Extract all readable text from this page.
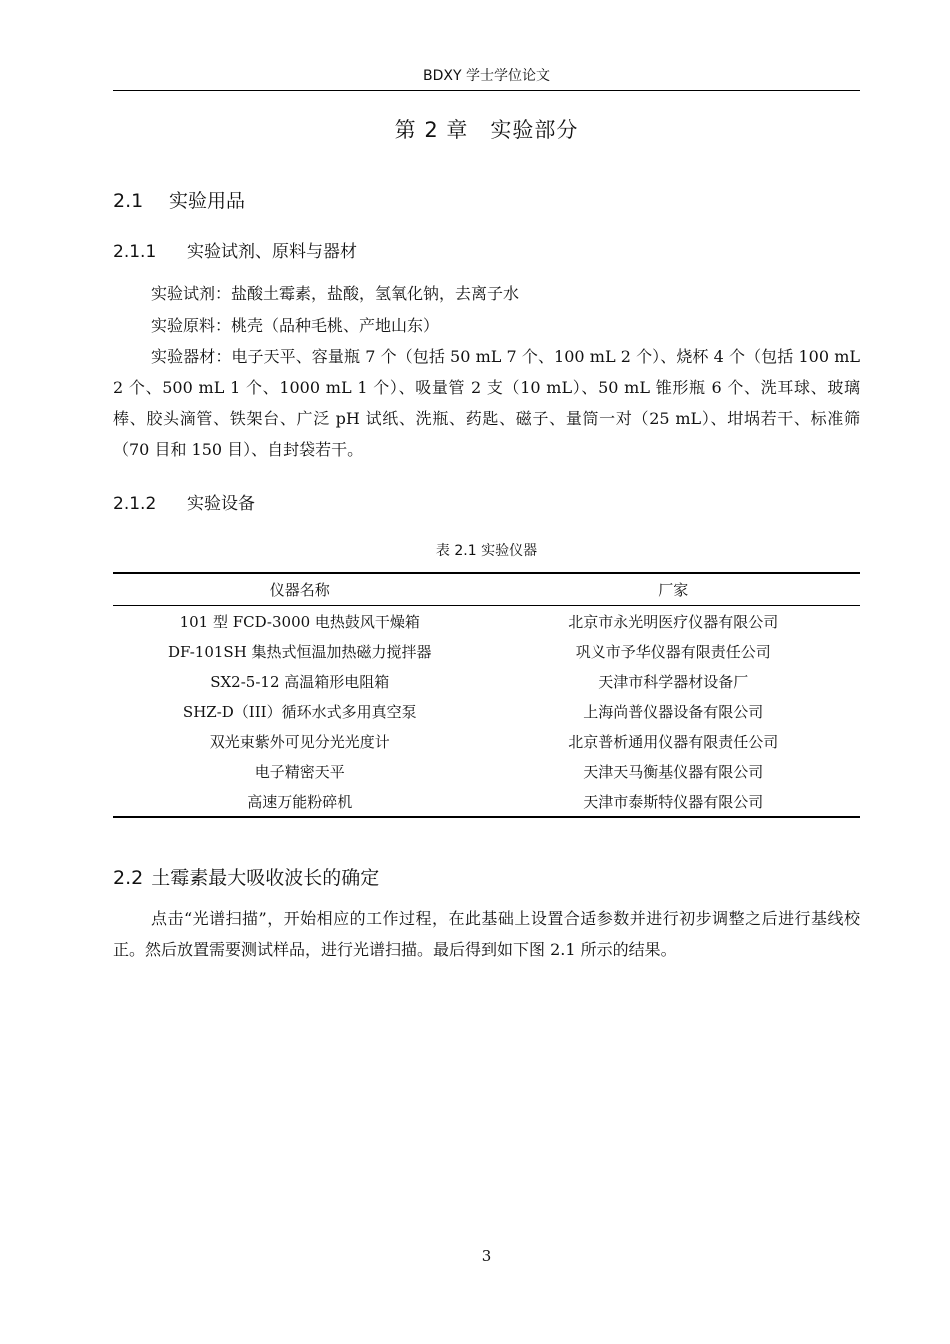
BDXY 学士学位论文
第 2 章 实验部分
2.1 实验用品
2.1.1 实验试剂、原料与器材

实验试剂：盐酸土霉素，盐酸，氢氧化钠，去离子水

实验原料：桃壳（品种毛桃、产地山东）

实验器材：电子天平、容量瓶 7 个（包括 50 mL 7 个、100 mL 2 个）、烧杯 4 个（包括 100 mL 2 个、500 mL 1 个、1000 mL 1 个）、吸量管 2 支（10 mL）、50 mL 锥形瓶 6 个、洗耳球、玻璃棒、胶头滴管、铁架台、广泛 pH 试纸、洗瓶、药匙、磁子、量筒一对（25 mL）、坩埚若干、标准筛（70 目和 150 目）、自封袋若干。

2.1.2 实验设备
表 2.1 实验仪器
仪器名称	厂家
101 型 FCD-3000 电热鼓风干燥箱	北京市永光明医疗仪器有限公司
DF-101SH 集热式恒温加热磁力搅拌器	巩义市予华仪器有限责任公司
SX2-5-12 高温箱形电阻箱	天津市科学器材设备厂
SHZ-D（III）循环水式多用真空泵	上海尚普仪器设备有限公司
双光束紫外可见分光光度计	北京普析通用仪器有限责任公司
电子精密天平	天津天马衡基仪器有限公司
高速万能粉碎机	天津市泰斯特仪器有限公司
2.2 土霉素最大吸收波长的确定

点击“光谱扫描”，开始相应的工作过程，在此基础上设置合适参数并进行初步调整之后进行基线校正。然后放置需要测试样品，进行光谱扫描。最后得到如下图 2.1 所示的结果。

3
